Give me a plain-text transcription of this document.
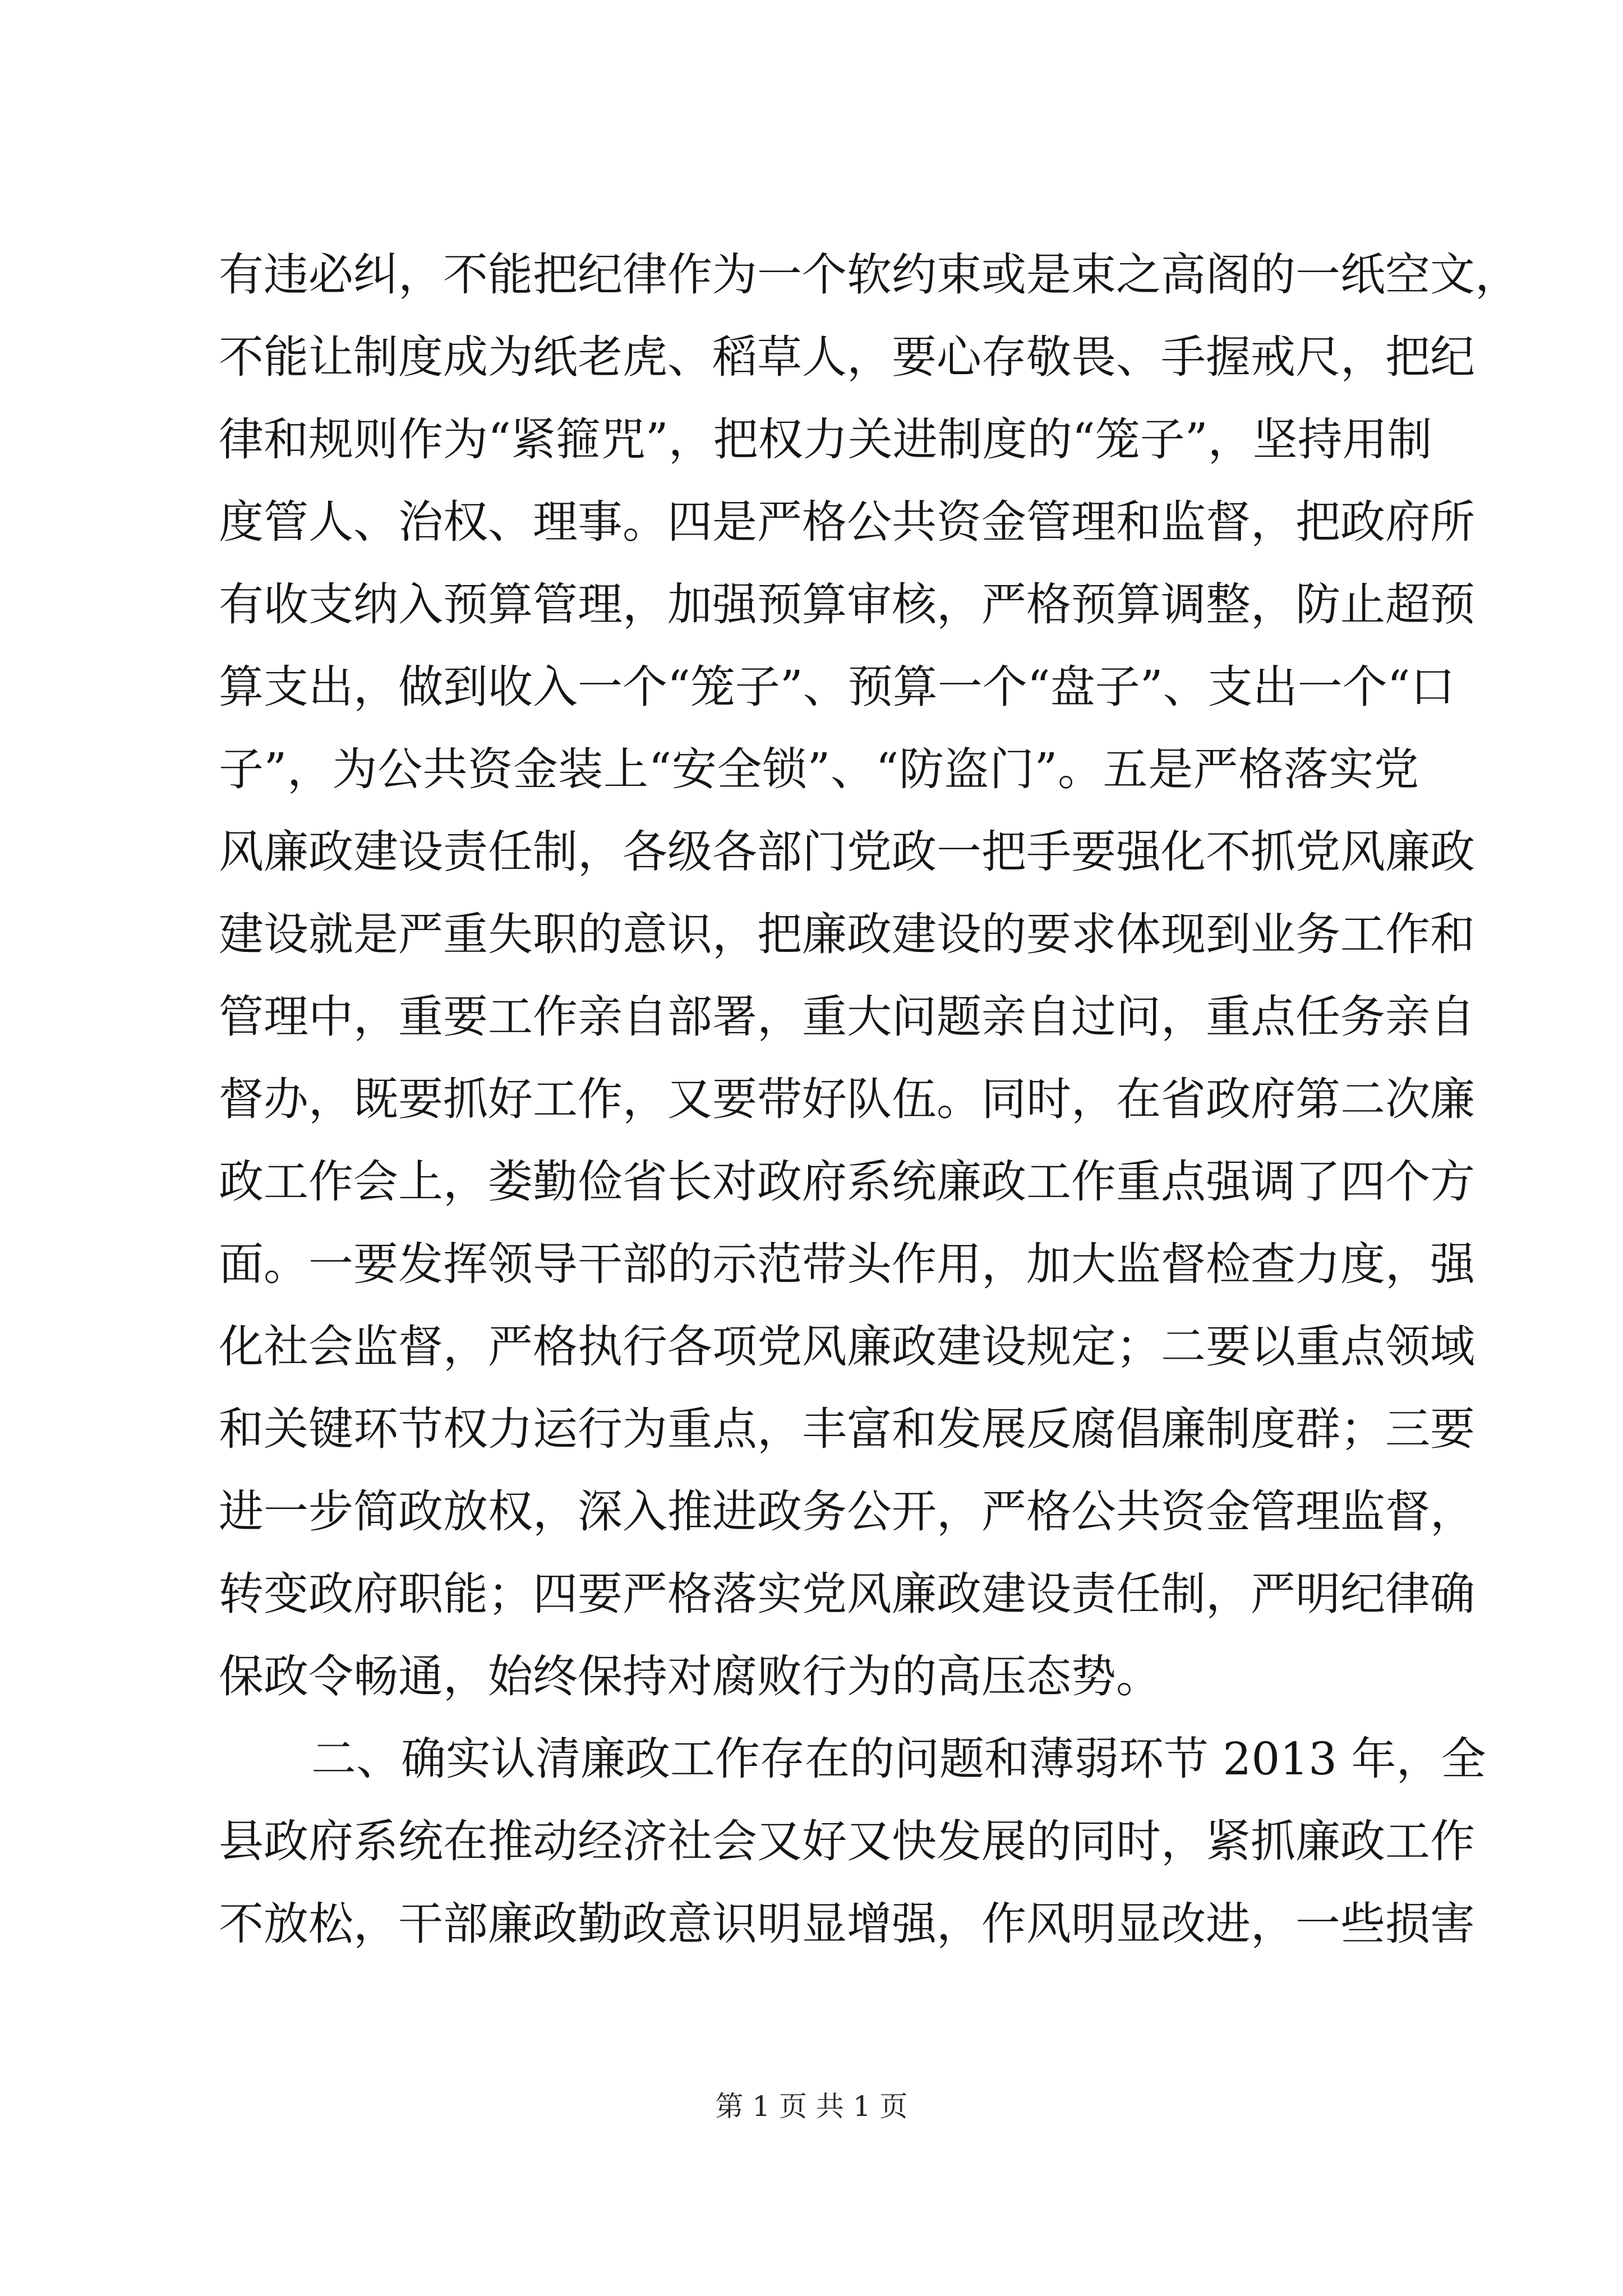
有违必纠，不能把纪律作为一个软约束或是束之高阁的一纸空文，
不能让制度成为纸老虎、稻草人，要心存敬畏、手握戒尺，把纪
律和规则作为“紧箍咒”，把权力关进制度的“笼子”，坚持用制
度管人、治权、理事。四是严格公共资金管理和监督，把政府所
有收支纳入预算管理，加强预算审核，严格预算调整，防止超预
算支出，做到收入一个“笼子”、预算一个“盘子”、支出一个“口
子”，为公共资金装上“安全锁”、“防盗门”。五是严格落实党
风廉政建设责任制，各级各部门党政一把手要强化不抓党风廉政
建设就是严重失职的意识，把廉政建设的要求体现到业务工作和
管理中，重要工作亲自部署，重大问题亲自过问，重点任务亲自
督办，既要抓好工作，又要带好队伍。同时，在省政府第二次廉
政工作会上，娄勤俭省长对政府系统廉政工作重点强调了四个方
面。一要发挥领导干部的示范带头作用，加大监督检查力度，强
化社会监督，严格执行各项党风廉政建设规定；二要以重点领域
和关键环节权力运行为重点，丰富和发展反腐倡廉制度群；三要
进一步简政放权，深入推进政务公开，严格公共资金管理监督，
转变政府职能；四要严格落实党风廉政建设责任制，严明纪律确
保政令畅通，始终保持对腐败行为的高压态势。
二、确实认清廉政工作存在的问题和薄弱环节 2013 年，全
县政府系统在推动经济社会又好又快发展的同时，紧抓廉政工作
不放松，干部廉政勤政意识明显增强，作风明显改进，一些损害
第 1 页 共 1 页
